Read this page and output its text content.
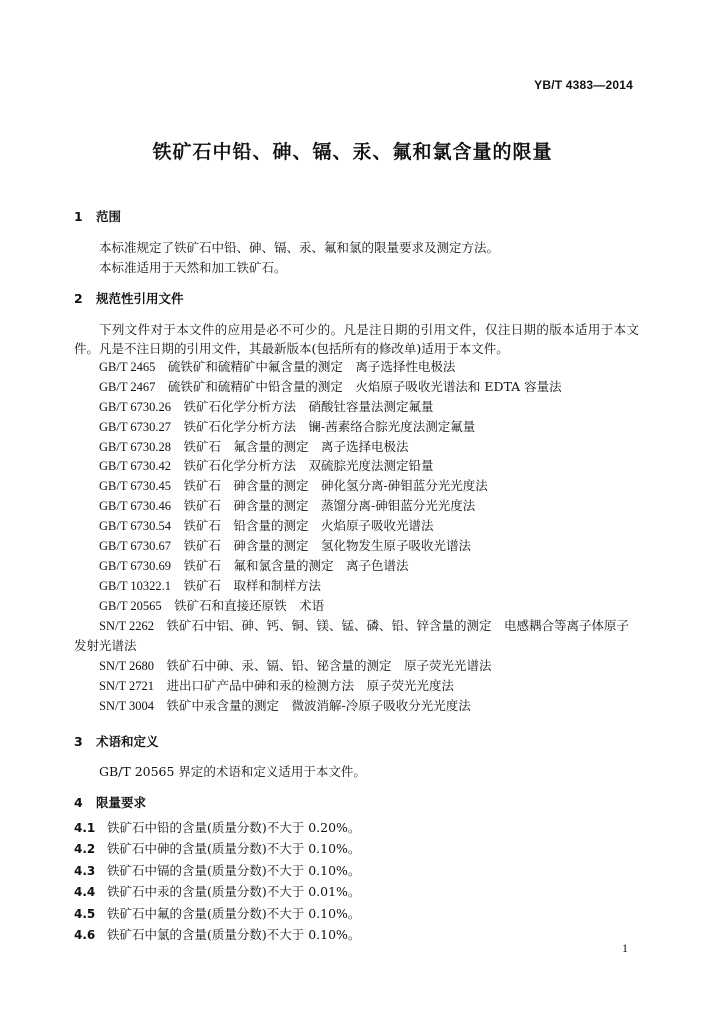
YB/T 4383—2014
铁矿石中铅、砷、镉、汞、氟和氯含量的限量
1 范围
本标准规定了铁矿石中铅、砷、镉、汞、氟和氯的限量要求及测定方法。
本标准适用于天然和加工铁矿石。
2 规范性引用文件
下列文件对于本文件的应用是必不可少的。凡是注日期的引用文件，仅注日期的版本适用于本文件。凡是不注日期的引用文件，其最新版本(包括所有的修改单)适用于本文件。
GB/T 2465　 硫铁矿和硫精矿中氟含量的测定　离子选择性电极法
GB/T 2467　 硫铁矿和硫精矿中铅含量的测定　火焰原子吸收光谱法和 EDTA 容量法
GB/T 6730.26　 铁矿石化学分析方法　硝酸钍容量法测定氟量
GB/T 6730.27　 铁矿石化学分析方法　镧-茜素络合腙光度法测定氟量
GB/T 6730.28　 铁矿石　氟含量的测定　离子选择电极法
GB/T 6730.42　 铁矿石化学分析方法　双硫腙光度法测定铅量
GB/T 6730.45　 铁矿石　砷含量的测定　砷化氢分离-砷钼蓝分光光度法
GB/T 6730.46　 铁矿石　砷含量的测定　蒸馏分离-砷钼蓝分光光度法
GB/T 6730.54　 铁矿石　铅含量的测定　火焰原子吸收光谱法
GB/T 6730.67　 铁矿石　砷含量的测定　氢化物发生原子吸收光谱法
GB/T 6730.69　 铁矿石　氟和氯含量的测定　离子色谱法
GB/T 10322.1　 铁矿石　取样和制样方法
GB/T 20565　 铁矿石和直接还原铁　术语
SN/T 2262　 铁矿石中铝、砷、钙、铜、镁、锰、磷、铅、锌含量的测定　电感耦合等离子体原子发射光谱法
SN/T 2680　 铁矿石中砷、汞、镉、铅、铋含量的测定　原子荧光光谱法
SN/T 2721　 进出口矿产品中砷和汞的检测方法　原子荧光光度法
SN/T 3004　 铁矿中汞含量的测定　微波消解-冷原子吸收分光光度法
3 术语和定义
GB/T 20565 界定的术语和定义适用于本文件。
4 限量要求
4.1 铁矿石中铅的含量(质量分数)不大于 0.20%。
4.2 铁矿石中砷的含量(质量分数)不大于 0.10%。
4.3 铁矿石中镉的含量(质量分数)不大于 0.10%。
4.4 铁矿石中汞的含量(质量分数)不大于 0.01%。
4.5 铁矿石中氟的含量(质量分数)不大于 0.10%。
4.6 铁矿石中氯的含量(质量分数)不大于 0.10%。
1
